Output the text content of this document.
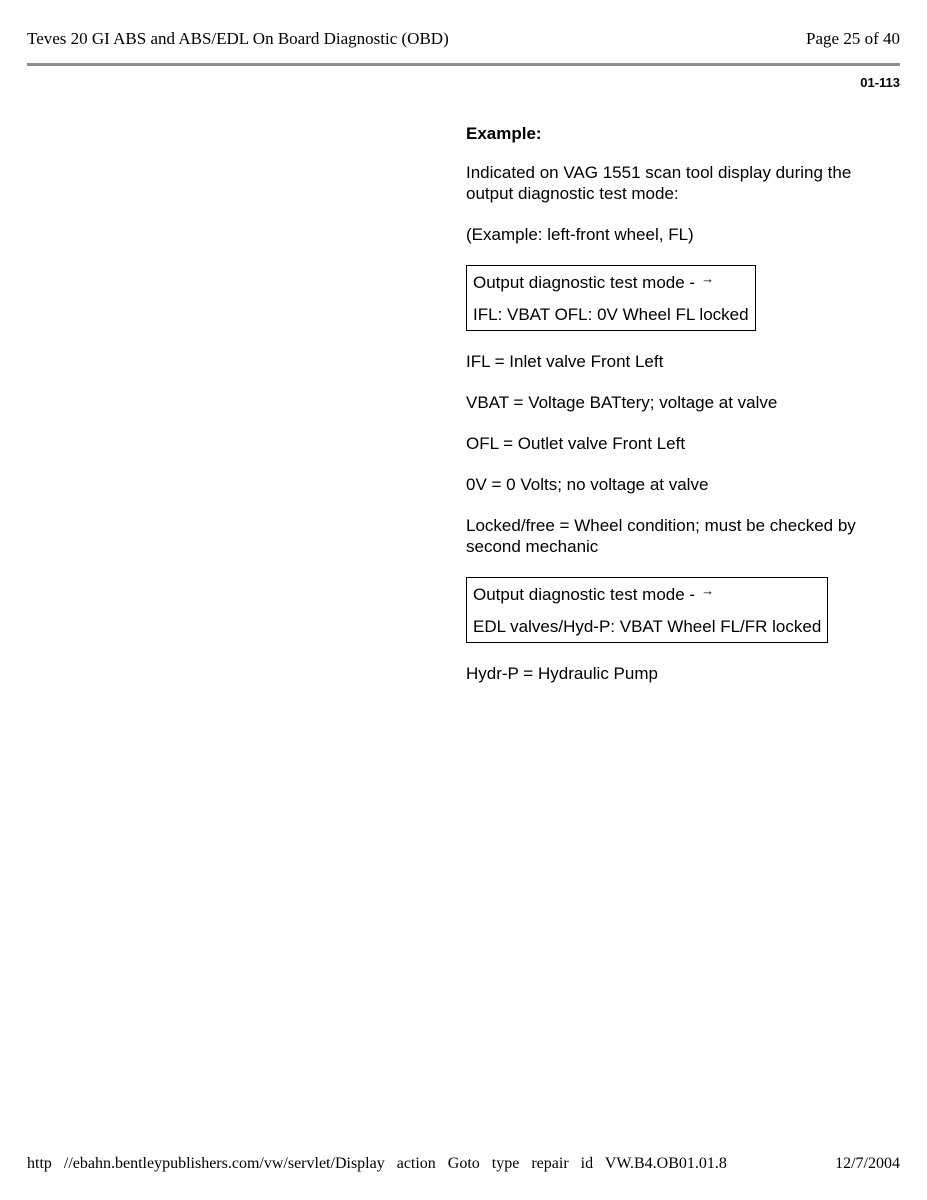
Teves 20 GI ABS and ABS/EDL On Board Diagnostic (OBD)	Page 25 of 40
01-113

Example:

Indicated on VAG 1551 scan tool display during the output diagnostic test mode:

(Example: left-front wheel, FL)

Output diagnostic test mode - →
IFL: VBAT OFL: 0V Wheel FL locked

IFL = Inlet valve Front Left

VBAT = Voltage BATtery; voltage at valve

OFL = Outlet valve Front Left

0V = 0 Volts; no voltage at valve

Locked/free = Wheel condition; must be checked by second mechanic

Output diagnostic test mode - →
EDL valves/Hyd-P: VBAT Wheel FL/FR locked

Hydr-P = Hydraulic Pump

http //ebahn.bentleypublishers.com/vw/servlet/Display action Goto type repair id VW.B4.OB01.01.8	12/7/2004
